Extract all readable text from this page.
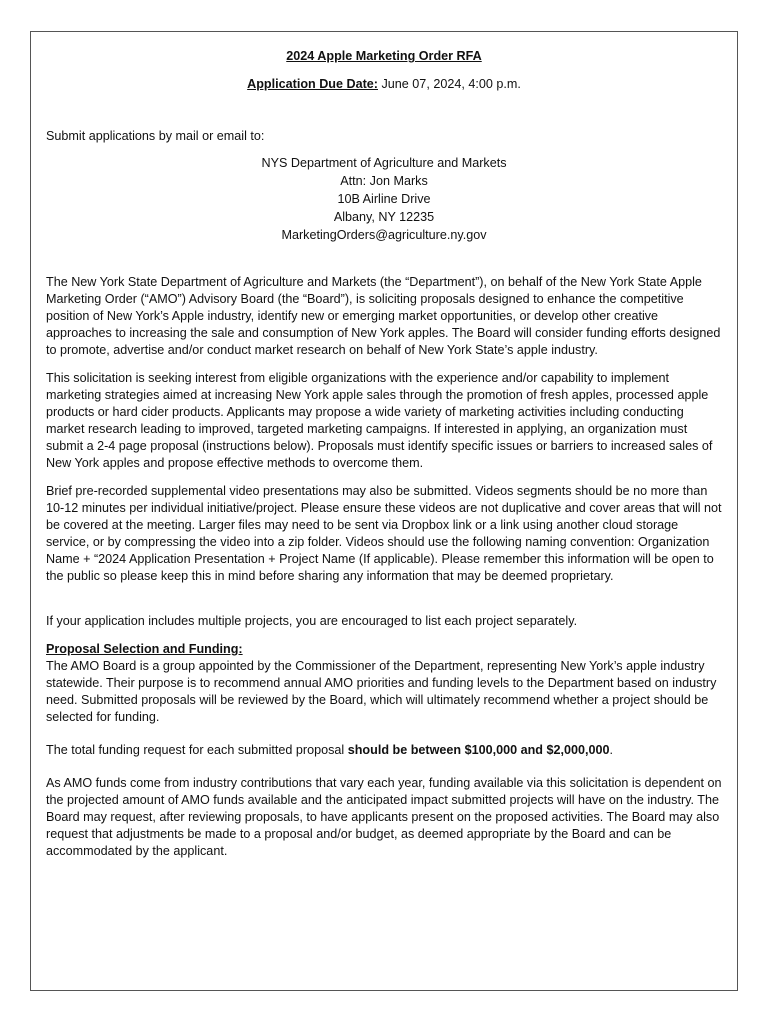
2024 Apple Marketing Order RFA

Application Due Date: June 07, 2024, 4:00 p.m.

Submit applications by mail or email to:

NYS Department of Agriculture and Markets

Attn: Jon Marks

10B Airline Drive

Albany, NY 12235

MarketingOrders@agriculture.ny.gov

The New York State Department of Agriculture and Markets (the “Department”), on behalf of the New York State Apple Marketing Order (“AMO”) Advisory Board (the “Board”), is soliciting proposals designed to enhance the competitive position of New York’s Apple industry, identify new or emerging market opportunities, or develop other creative approaches to increasing the sale and consumption of New York apples. The Board will consider funding efforts designed to promote, advertise and/or conduct market research on behalf of New York State’s apple industry.

This solicitation is seeking interest from eligible organizations with the experience and/or capability to implement marketing strategies aimed at increasing New York apple sales through the promotion of fresh apples, processed apple products or hard cider products. Applicants may propose a wide variety of marketing activities including conducting market research leading to improved, targeted marketing campaigns. If interested in applying, an organization must submit a 2-4 page proposal (instructions below). Proposals must identify specific issues or barriers to increased sales of New York apples and propose effective methods to overcome them.

Brief pre-recorded supplemental video presentations may also be submitted. Videos segments should be no more than 10-12 minutes per individual initiative/project. Please ensure these videos are not duplicative and cover areas that will not be covered at the meeting. Larger files may need to be sent via Dropbox link or a link using another cloud storage service, or by compressing the video into a zip folder. Videos should use the following naming convention: Organization Name + “2024 Application Presentation + Project Name (If applicable). Please remember this information will be open to the public so please keep this in mind before sharing any information that may be deemed proprietary.

If your application includes multiple projects, you are encouraged to list each project separately.

Proposal Selection and Funding:

The AMO Board is a group appointed by the Commissioner of the Department, representing New York’s apple industry statewide. Their purpose is to recommend annual AMO priorities and funding levels to the Department based on industry need. Submitted proposals will be reviewed by the Board, which will ultimately recommend whether a project should be selected for funding.

The total funding request for each submitted proposal should be between $100,000 and $2,000,000.

As AMO funds come from industry contributions that vary each year, funding available via this solicitation is dependent on the projected amount of AMO funds available and the anticipated impact submitted projects will have on the industry. The Board may request, after reviewing proposals, to have applicants present on the proposed activities. The Board may also request that adjustments be made to a proposal and/or budget, as deemed appropriate by the Board and can be accommodated by the applicant.
